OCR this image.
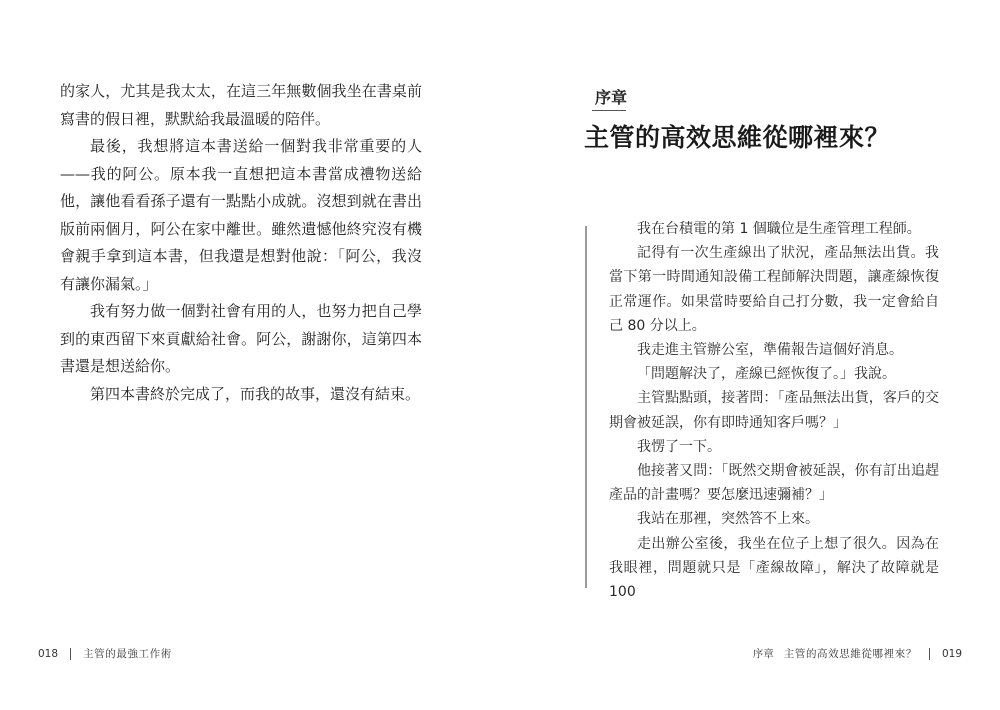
的家人，尤其是我太太，在這三年無數個我坐在書桌前寫書的假日裡，默默給我最溫暖的陪伴。

最後，我想將這本書送給一個對我非常重要的人——我的阿公。原本我一直想把這本書當成禮物送給他，讓他看看孫子還有一點點小成就。沒想到就在書出版前兩個月，阿公在家中離世。雖然遺憾他終究沒有機會親手拿到這本書，但我還是想對他說：「阿公，我沒有讓你漏氣。」

我有努力做一個對社會有用的人，也努力把自己學到的東西留下來貢獻給社會。阿公，謝謝你，這第四本書還是想送給你。

第四本書終於完成了，而我的故事，還沒有結束。

018 主管的最強工作術
序章
主管的高效思維從哪裡來？

我在台積電的第 1 個職位是生產管理工程師。

記得有一次生產線出了狀況，產品無法出貨。我當下第一時間通知設備工程師解決問題，讓產線恢復正常運作。如果當時要給自己打分數，我一定會給自己 80 分以上。

我走進主管辦公室，準備報告這個好消息。

「問題解決了，產線已經恢復了。」我說。

主管點點頭，接著問：「產品無法出貨，客戶的交期會被延誤，你有即時通知客戶嗎？」

我愣了一下。

他接著又問：「既然交期會被延誤，你有訂出追趕產品的計畫嗎？要怎麼迅速彌補？」

我站在那裡，突然答不上來。

走出辦公室後，我坐在位子上想了很久。因為在我眼裡，問題就只是「產線故障」，解決了故障就是 100

序章 主管的高效思維從哪裡來？ 019
